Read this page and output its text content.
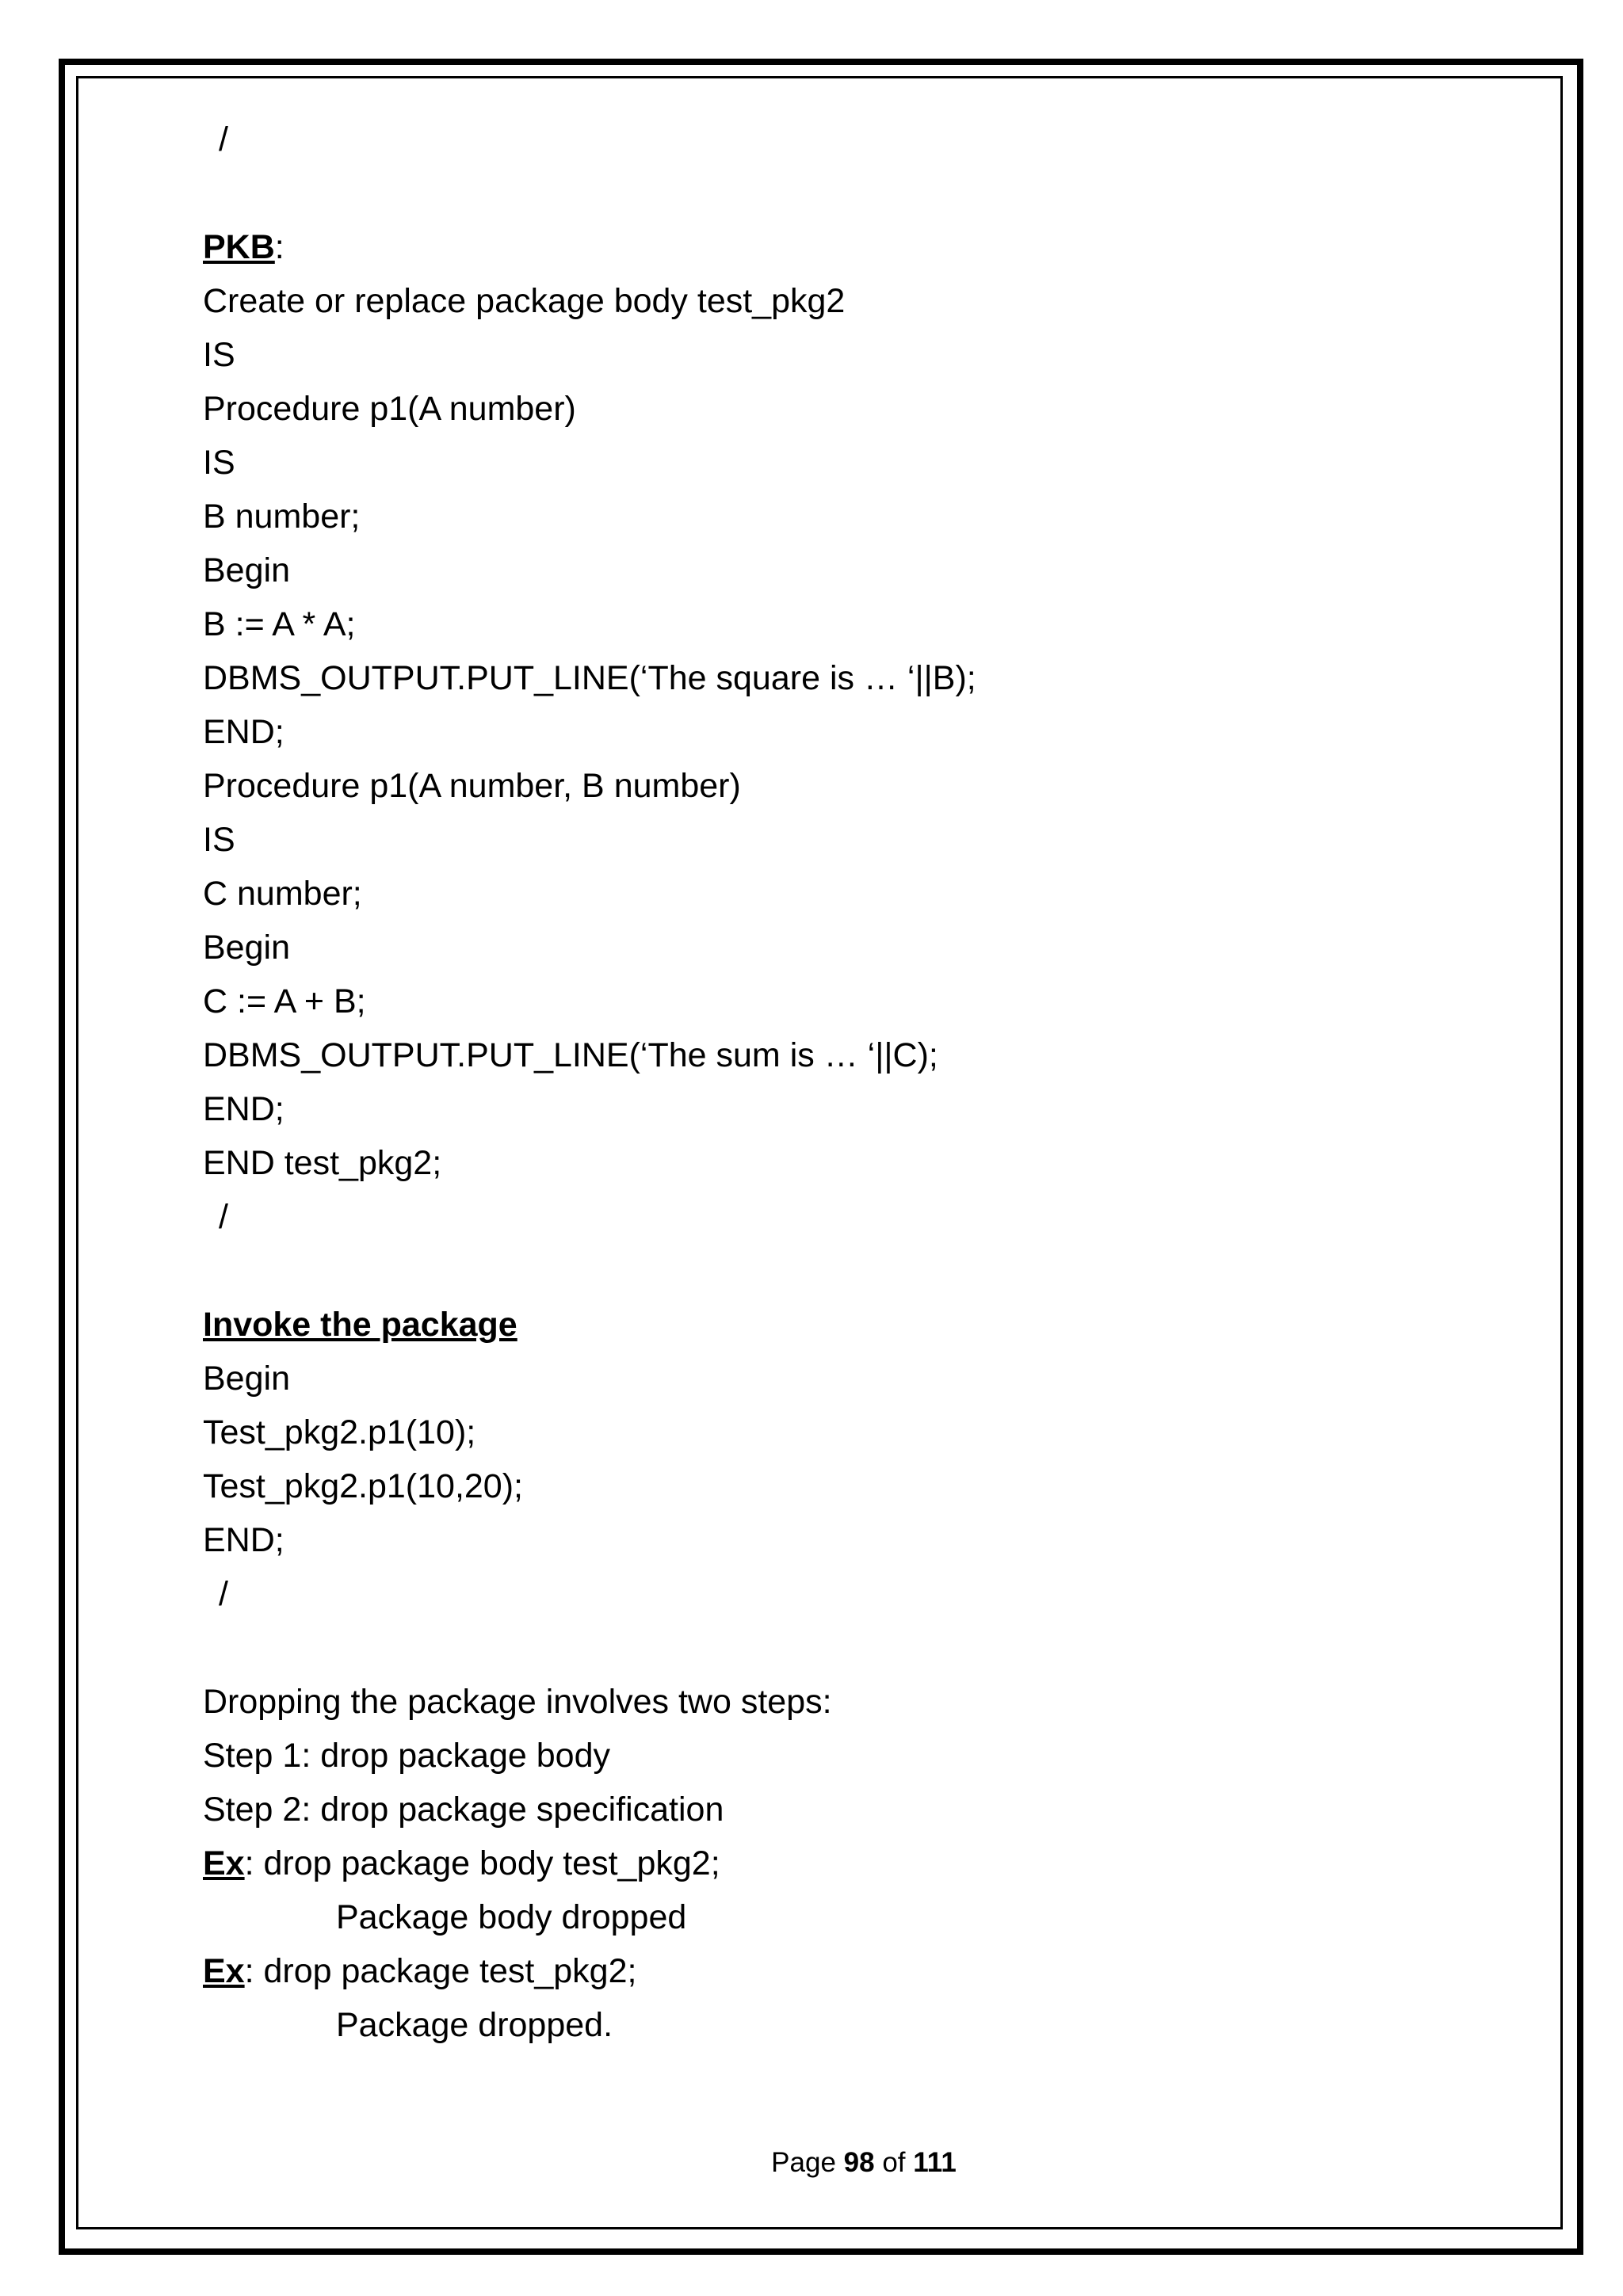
/
PKB:
Create or replace package body test_pkg2
IS
Procedure p1(A number)
IS
B number;
Begin
B := A * A;
DBMS_OUTPUT.PUT_LINE(‘The square is … ‘||B);
END;
Procedure p1(A number, B number)
IS
C number;
Begin
C := A + B;
DBMS_OUTPUT.PUT_LINE(‘The sum is … ‘||C);
END;
END test_pkg2;
/
Invoke the package
Begin
Test_pkg2.p1(10);
Test_pkg2.p1(10,20);
END;
/
Dropping the package involves two steps:
Step 1: drop package body
Step 2: drop package specification
Ex: drop package body test_pkg2;
Package body dropped
Ex: drop package test_pkg2;
Package dropped.
Page 98 of 111
